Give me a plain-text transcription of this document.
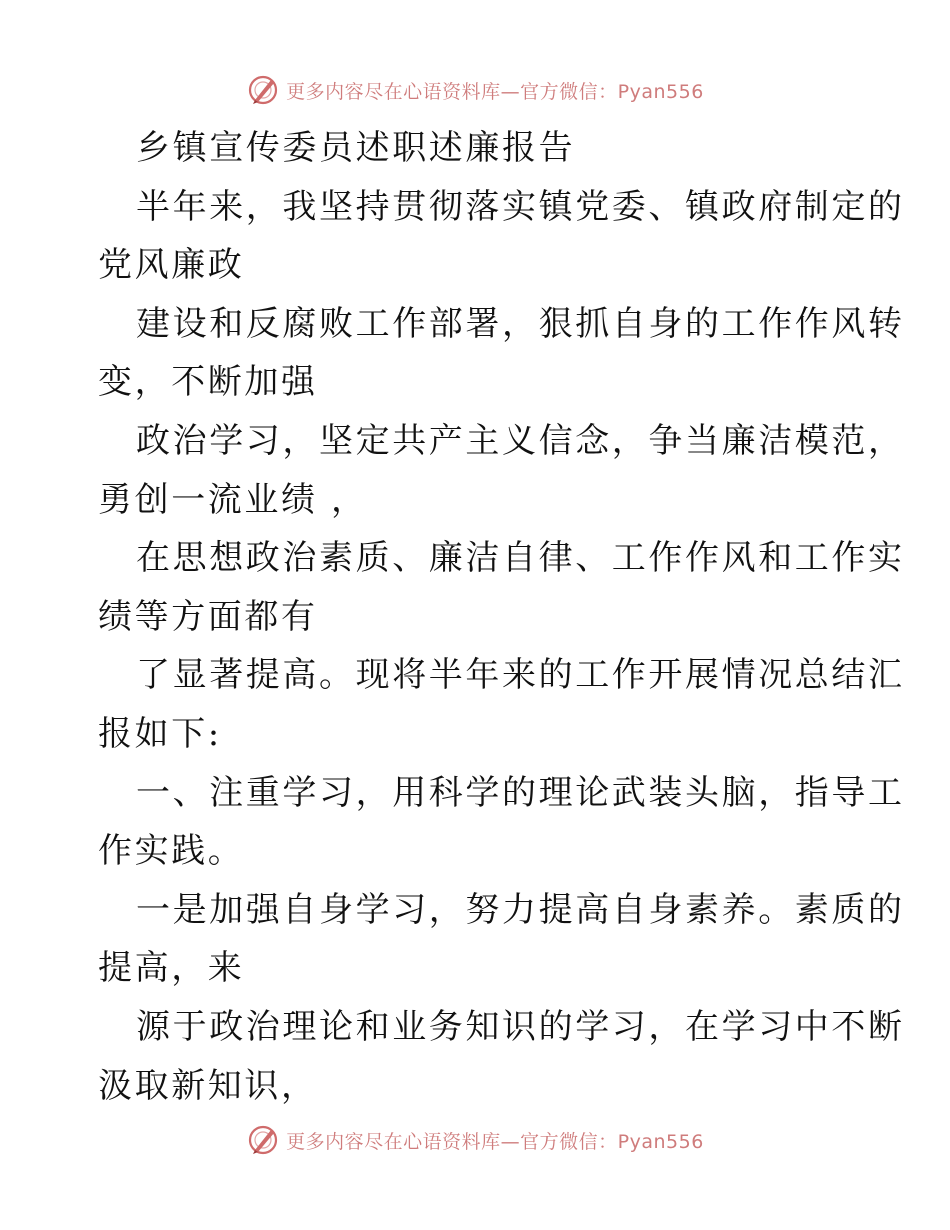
更多内容尽在心语资料库—官方微信：Pyan556
乡镇宣传委员述职述廉报告
半年来，我坚持贯彻落实镇党委、镇政府制定的
党风廉政
建设和反腐败工作部署，狠抓自身的工作作风转
变，不断加强
政治学习，坚定共产主义信念，争当廉洁模范，
勇创一流业绩 ，
在思想政治素质、廉洁自律、工作作风和工作实
绩等方面都有
了显著提高。现将半年来的工作开展情况总结汇
报如下:
一、注重学习，用科学的理论武装头脑，指导工
作实践。
一是加强自身学习，努力提高自身素养。素质的
提高，来
源于政治理论和业务知识的学习，在学习中不断
汲取新知识，
更多内容尽在心语资料库—官方微信：Pyan556
